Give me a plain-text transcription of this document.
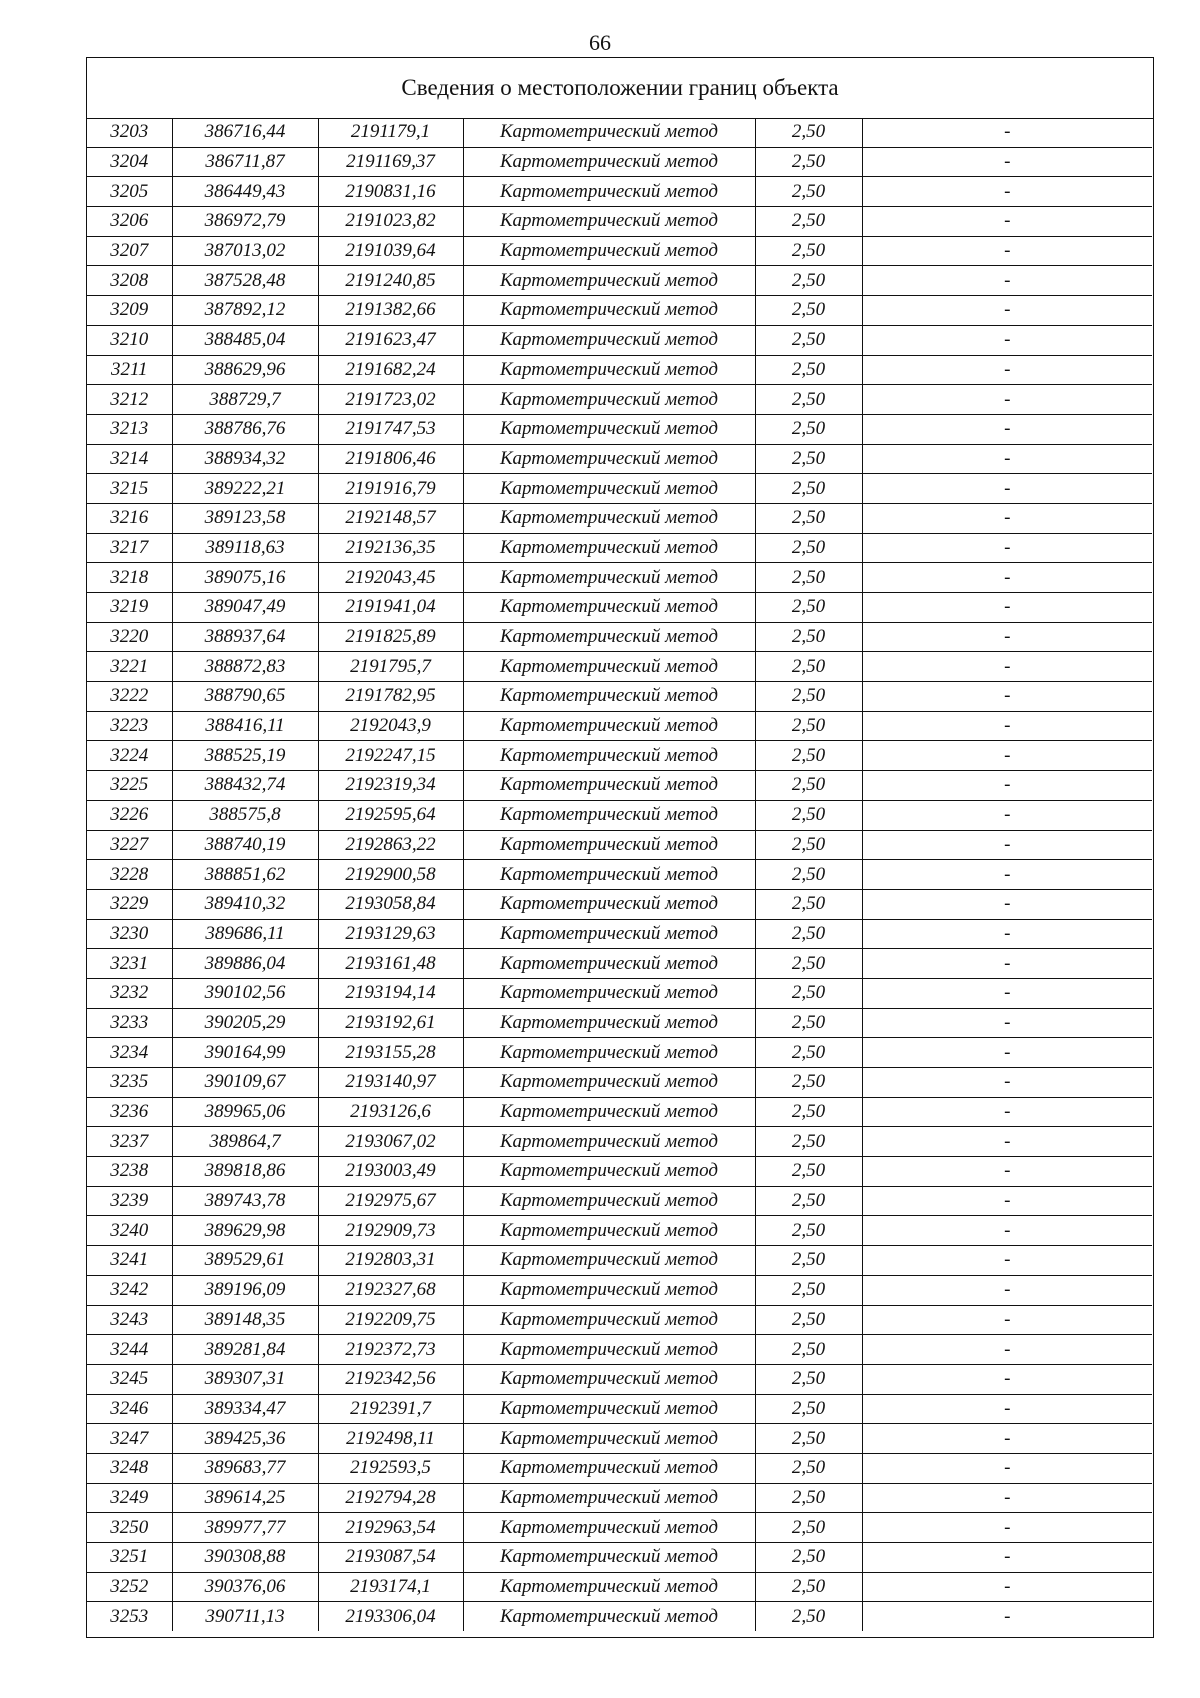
66
Сведения о местоположении границ объекта
3203	386716,44	2191179,1	Картометрический метод	2,50	-
3204	386711,87	2191169,37	Картометрический метод	2,50	-
3205	386449,43	2190831,16	Картометрический метод	2,50	-
3206	386972,79	2191023,82	Картометрический метод	2,50	-
3207	387013,02	2191039,64	Картометрический метод	2,50	-
3208	387528,48	2191240,85	Картометрический метод	2,50	-
3209	387892,12	2191382,66	Картометрический метод	2,50	-
3210	388485,04	2191623,47	Картометрический метод	2,50	-
3211	388629,96	2191682,24	Картометрический метод	2,50	-
3212	388729,7	2191723,02	Картометрический метод	2,50	-
3213	388786,76	2191747,53	Картометрический метод	2,50	-
3214	388934,32	2191806,46	Картометрический метод	2,50	-
3215	389222,21	2191916,79	Картометрический метод	2,50	-
3216	389123,58	2192148,57	Картометрический метод	2,50	-
3217	389118,63	2192136,35	Картометрический метод	2,50	-
3218	389075,16	2192043,45	Картометрический метод	2,50	-
3219	389047,49	2191941,04	Картометрический метод	2,50	-
3220	388937,64	2191825,89	Картометрический метод	2,50	-
3221	388872,83	2191795,7	Картометрический метод	2,50	-
3222	388790,65	2191782,95	Картометрический метод	2,50	-
3223	388416,11	2192043,9	Картометрический метод	2,50	-
3224	388525,19	2192247,15	Картометрический метод	2,50	-
3225	388432,74	2192319,34	Картометрический метод	2,50	-
3226	388575,8	2192595,64	Картометрический метод	2,50	-
3227	388740,19	2192863,22	Картометрический метод	2,50	-
3228	388851,62	2192900,58	Картометрический метод	2,50	-
3229	389410,32	2193058,84	Картометрический метод	2,50	-
3230	389686,11	2193129,63	Картометрический метод	2,50	-
3231	389886,04	2193161,48	Картометрический метод	2,50	-
3232	390102,56	2193194,14	Картометрический метод	2,50	-
3233	390205,29	2193192,61	Картометрический метод	2,50	-
3234	390164,99	2193155,28	Картометрический метод	2,50	-
3235	390109,67	2193140,97	Картометрический метод	2,50	-
3236	389965,06	2193126,6	Картометрический метод	2,50	-
3237	389864,7	2193067,02	Картометрический метод	2,50	-
3238	389818,86	2193003,49	Картометрический метод	2,50	-
3239	389743,78	2192975,67	Картометрический метод	2,50	-
3240	389629,98	2192909,73	Картометрический метод	2,50	-
3241	389529,61	2192803,31	Картометрический метод	2,50	-
3242	389196,09	2192327,68	Картометрический метод	2,50	-
3243	389148,35	2192209,75	Картометрический метод	2,50	-
3244	389281,84	2192372,73	Картометрический метод	2,50	-
3245	389307,31	2192342,56	Картометрический метод	2,50	-
3246	389334,47	2192391,7	Картометрический метод	2,50	-
3247	389425,36	2192498,11	Картометрический метод	2,50	-
3248	389683,77	2192593,5	Картометрический метод	2,50	-
3249	389614,25	2192794,28	Картометрический метод	2,50	-
3250	389977,77	2192963,54	Картометрический метод	2,50	-
3251	390308,88	2193087,54	Картометрический метод	2,50	-
3252	390376,06	2193174,1	Картометрический метод	2,50	-
3253	390711,13	2193306,04	Картометрический метод	2,50	-
